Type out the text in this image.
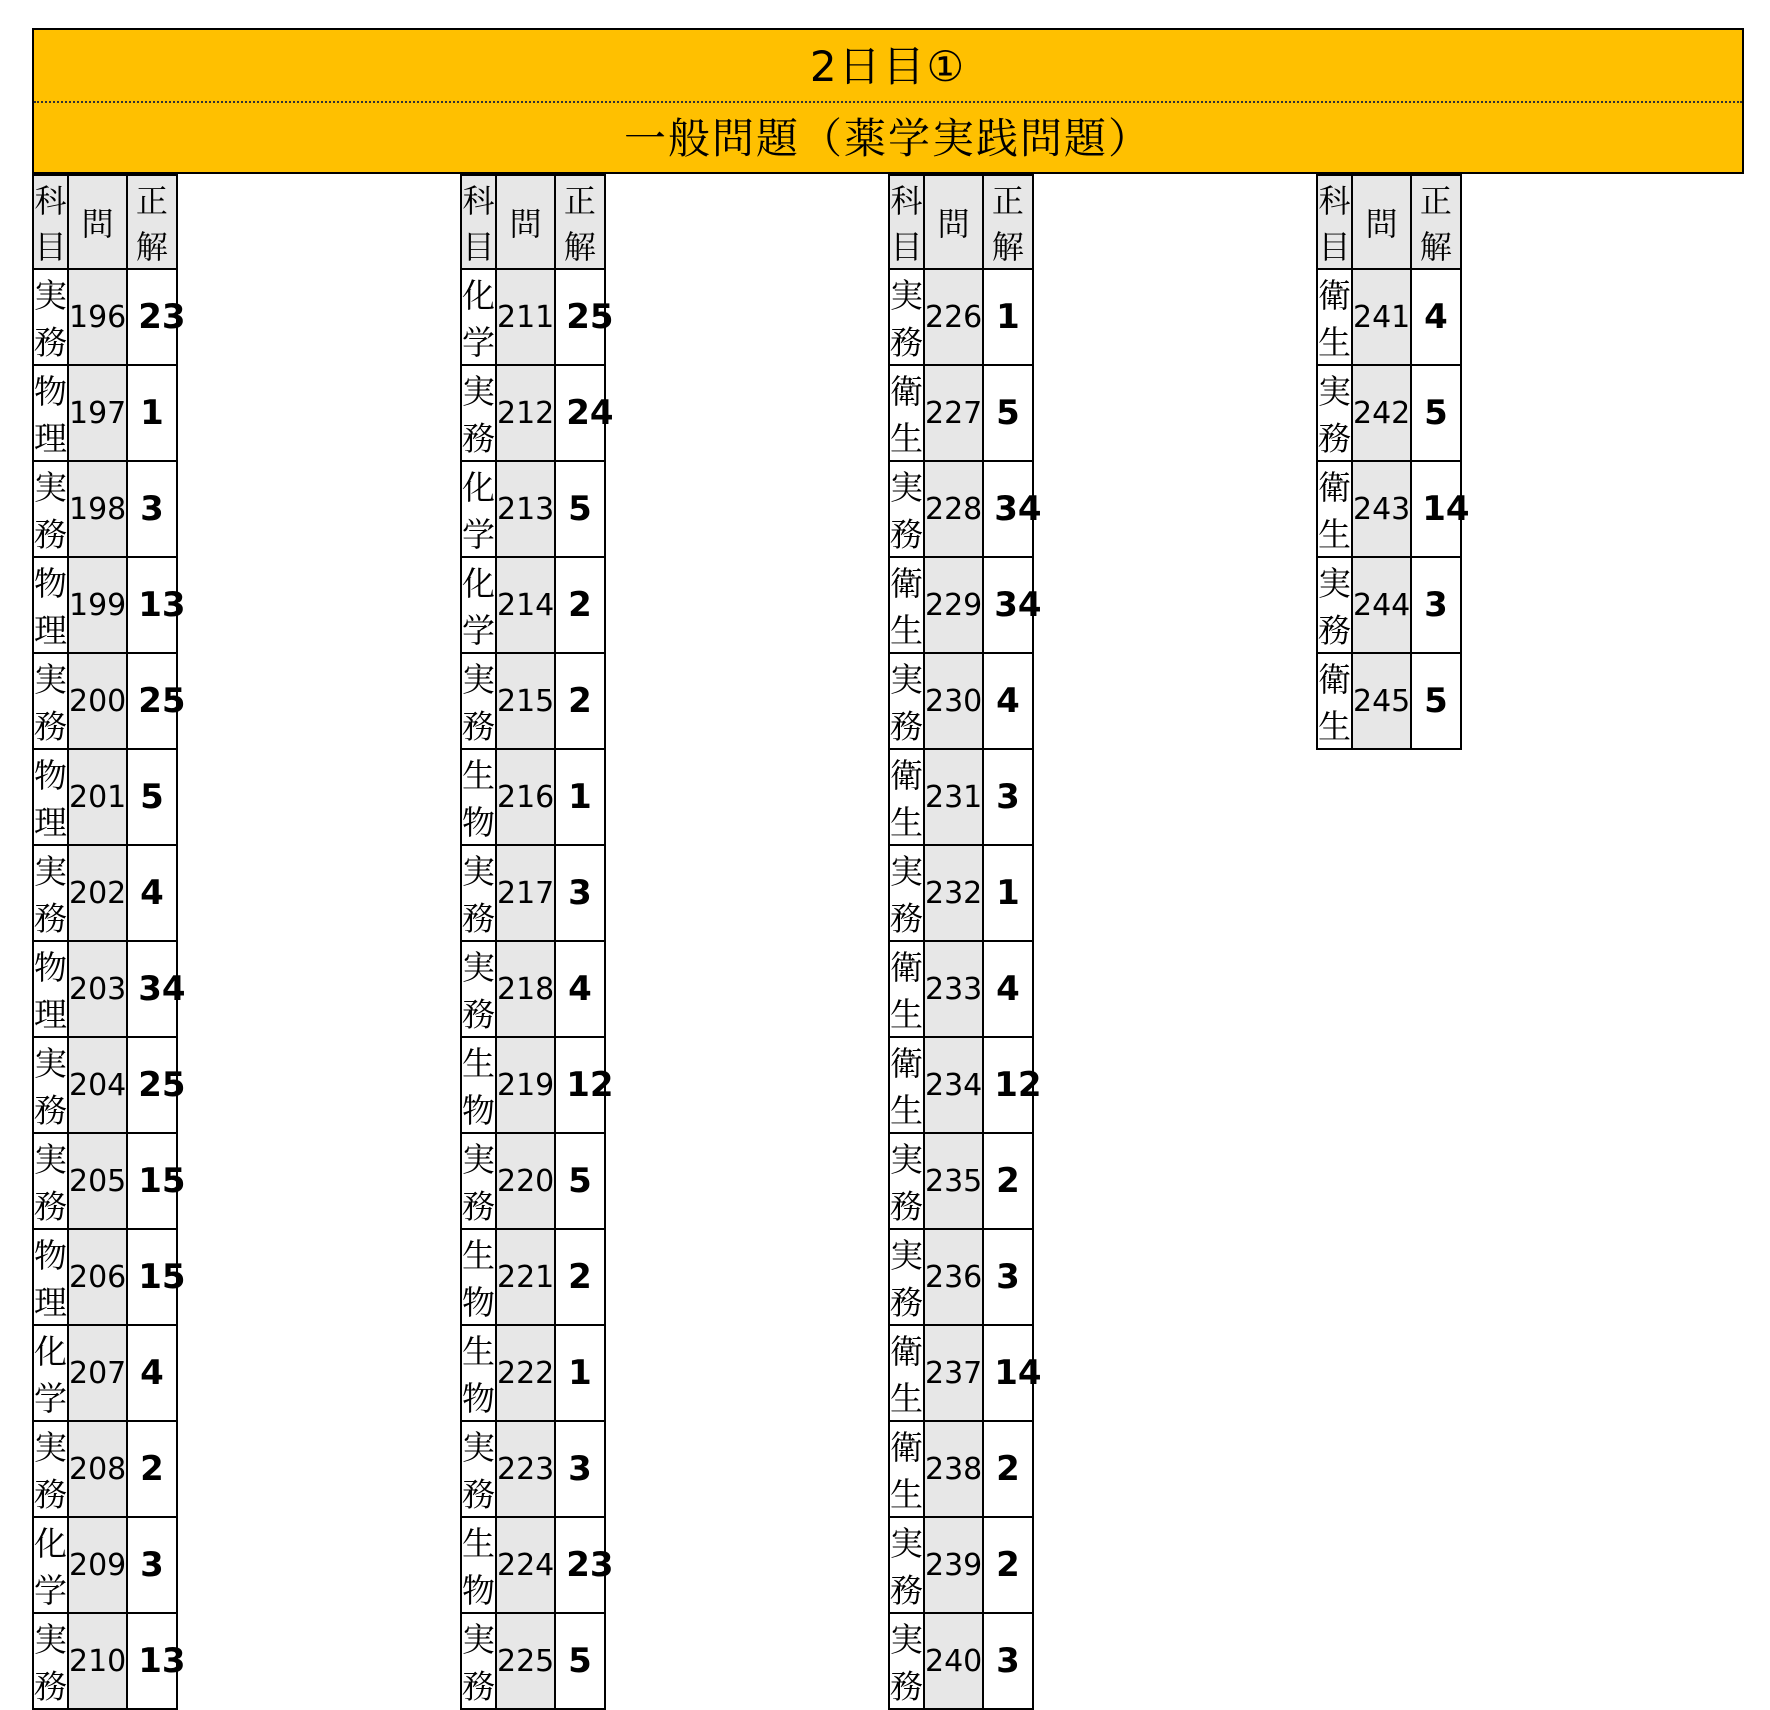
2日目①
一般問題（薬学実践問題）
科目	問	正解
実務	196	2 3

物理	197	1
実務	198	3
物理	199	1 3

実務	200	2 5

物理	201	5
実務	202	4
物理	203	3 4

実務	204	2 5

実務	205	1 5

物理	206	1 5

化学	207	4
実務	208	2
化学	209	3
実務	210	1 3
科目	問	正解
化学	211	2 5

実務	212	2 4

化学	213	5
化学	214	2
実務	215	2
生物	216	1
実務	217	3
実務	218	4
生物	219	1 2

実務	220	5
生物	221	2
生物	222	1
実務	223	3
生物	224	2 3

実務	225	5
科目	問	正解
実務	226	1
衛生	227	5
実務	228	3 4

衛生	229	3 4

実務	230	4
衛生	231	3
実務	232	1
衛生	233	4
衛生	234	1 2

実務	235	2
実務	236	3
衛生	237	1 4

衛生	238	2
実務	239	2
実務	240	3
科目	問	正解
衛生	241	4
実務	242	5
衛生	243	1 4

実務	244	3
衛生	245	5
